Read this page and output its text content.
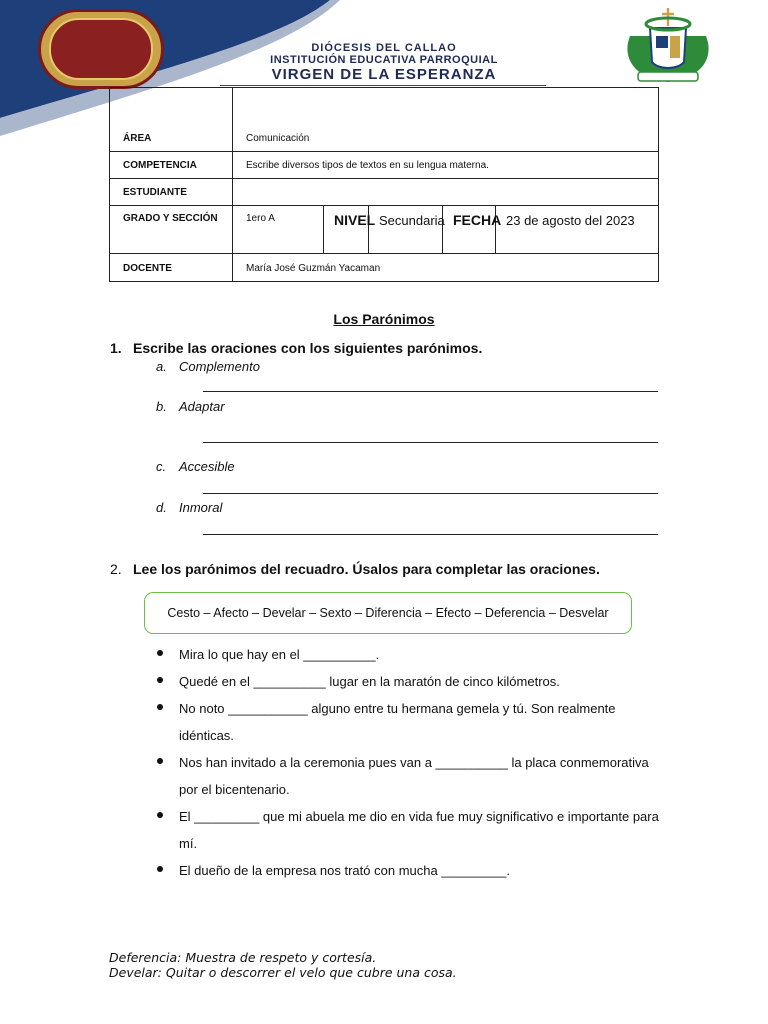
DIÓCESIS DEL CALLAO
INSTITUCIÓN EDUCATIVA PARROQUIAL
VIRGEN DE LA ESPERANZA
ÁREA	Comunicación				
COMPETENCIA	Escribe diversos tipos de textos en su lengua materna.				
ESTUDIANTE					
GRADO Y SECCIÓN	1ero A	NIVEL	Secundaria	FECHA	23 de agosto del 2023
DOCENTE	María José Guzmán Yacaman				
Los Parónimos
1. Escribe las oraciones con los siguientes parónimos.
a. Complemento
b. Adaptar
c. Accesible
d. Inmoral
2. Lee los parónimos del recuadro. Úsalos para completar las oraciones.
Cesto – Afecto – Develar – Sexto – Diferencia – Efecto – Deferencia – Desvelar
Mira lo que hay en el __________.
Quedé en el __________ lugar en la maratón de cinco kilómetros.
No noto ___________ alguno entre tu hermana gemela y tú. Son realmente idénticas.
Nos han invitado a la ceremonia pues van a __________ la placa conmemorativa por el bicentenario.
El _________ que mi abuela me dio en vida fue muy significativo e importante para mí.
El dueño de la empresa nos trató con mucha _________.
Deferencia: Muestra de respeto y cortesía.
Develar: Quitar o descorrer el velo que cubre una cosa.
